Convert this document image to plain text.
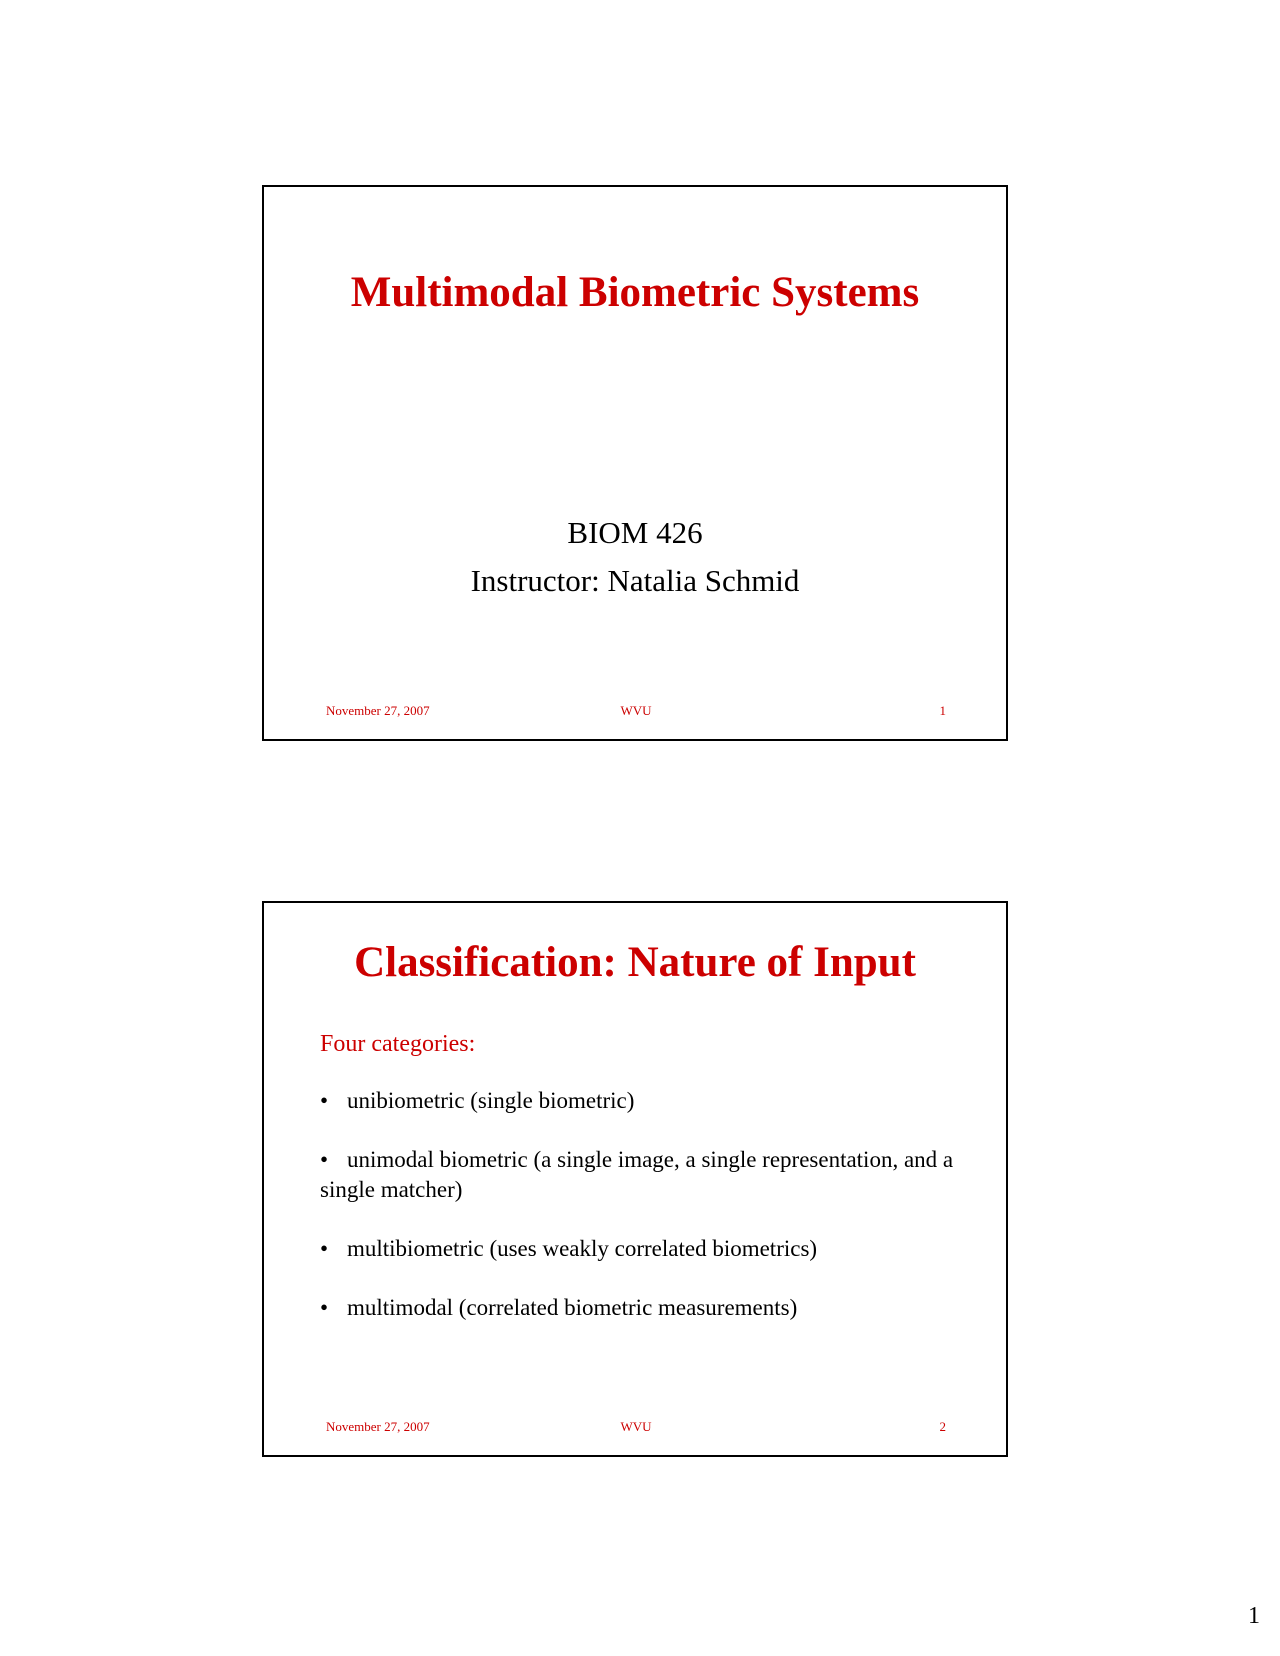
Multimodal Biometric Systems
BIOM 426
Instructor: Natalia Schmid
November 27, 2007	WVU	1
Classification: Nature of Input
Four categories:
• unibiometric (single biometric)
• unimodal biometric (a single image, a single representation, and a single matcher)
• multibiometric (uses weakly correlated biometrics)
• multimodal (correlated biometric measurements)
November 27, 2007	WVU	2
1
